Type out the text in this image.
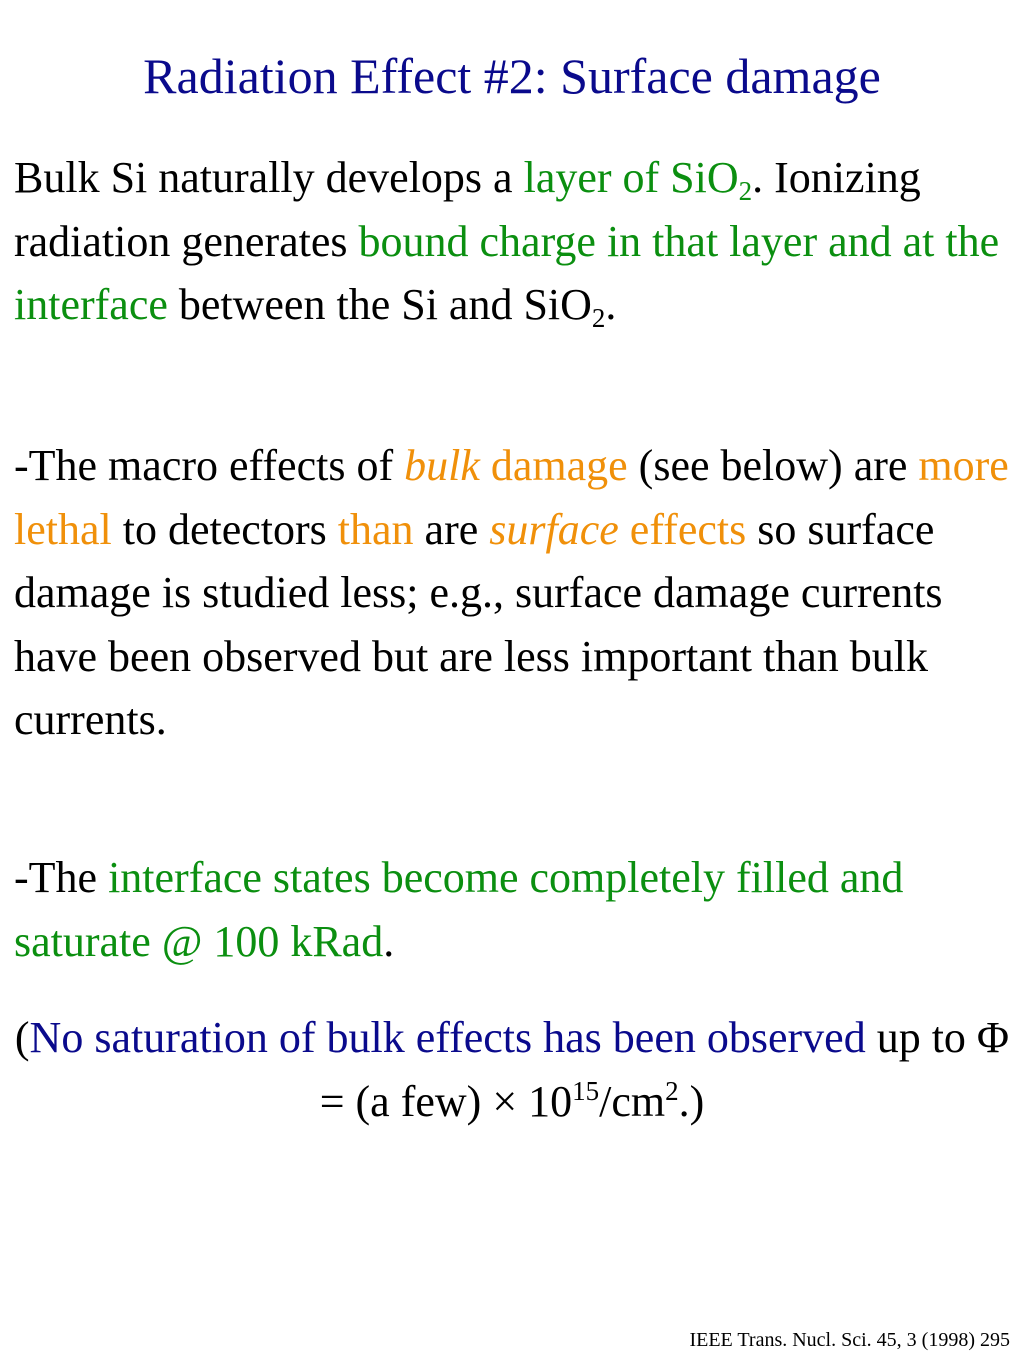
Radiation Effect #2: Surface damage

Bulk Si naturally develops a layer of SiO$_2$. Ionizing radiation generates bound charge in that layer and at the interface between the Si and SiO$_2$.

-The macro effects of bulk damage (see below) are more lethal to detectors than are surface effects so surface damage is studied less; e.g., surface damage currents have been observed but are less important than bulk currents.

-The interface states become completely filled and saturate @ 100 kRad.

(No saturation of bulk effects has been observed up to Φ = (a $few) \times 10^{15}/cm^2$.)
IEEE Trans. Nucl. Sci. 45, 3 (1998) 295
